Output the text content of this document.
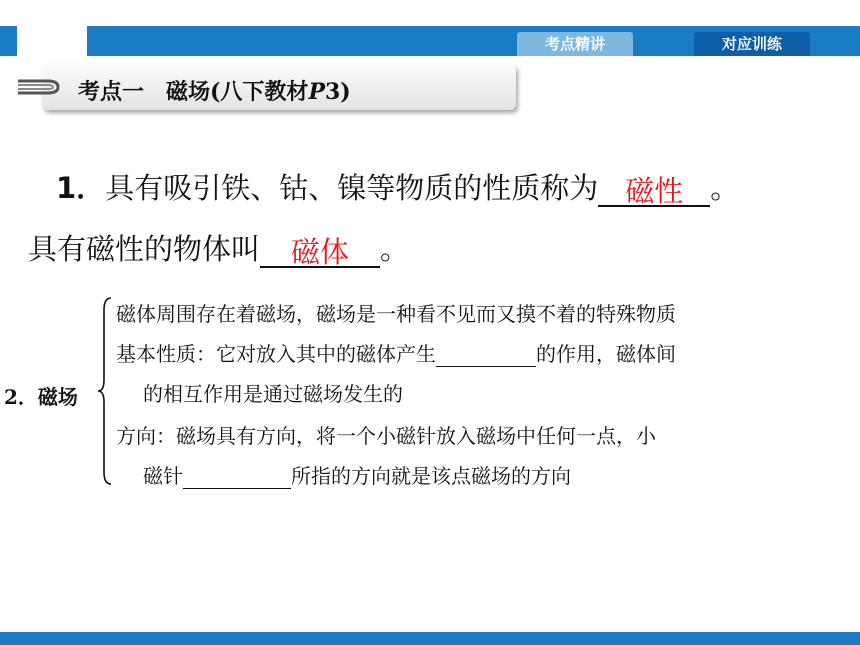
考点精讲	对应训练
考点一 磁场(八下教材P3)
1．具有吸引铁、钴、镍等物质的性质称为 磁性 。
具有磁性的物体叫 磁体 。
2．磁场
磁体周围存在着磁场，磁场是一种看不见而又摸不着的特殊物质
基本性质：它对放入其中的磁体产生	的作用，磁体间
的相互作用是通过磁场发生的
方向：磁场具有方向，将一个小磁针放入磁场中任何一点，小
磁针	所指的方向就是该点磁场的方向
